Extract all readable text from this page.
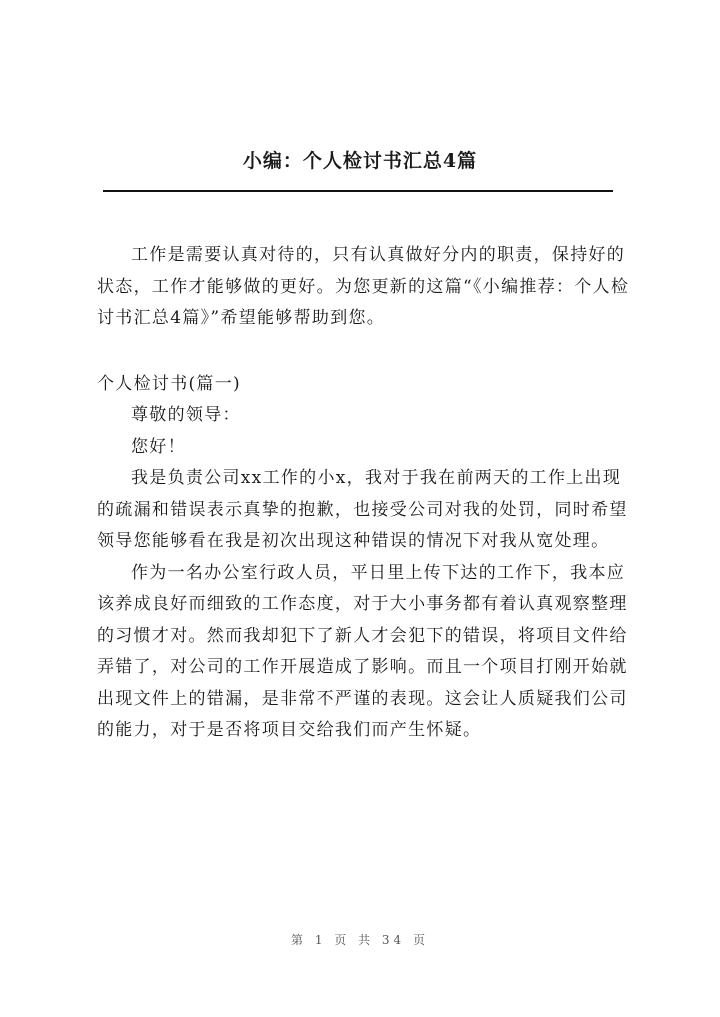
小编：个人检讨书汇总4篇

工作是需要认真对待的，只有认真做好分内的职责，保持好的状态，工作才能够做的更好。为您更新的这篇“《小编推荐：个人检讨书汇总4篇》”希望能够帮助到您。

个人检讨书(篇一)

尊敬的领导：

您好！

我是负责公司xx工作的小x，我对于我在前两天的工作上出现的疏漏和错误表示真挚的抱歉，也接受公司对我的处罚，同时希望领导您能够看在我是初次出现这种错误的情况下对我从宽处理。

作为一名办公室行政人员，平日里上传下达的工作下，我本应该养成良好而细致的工作态度，对于大小事务都有着认真观察整理的习惯才对。然而我却犯下了新人才会犯下的错误，将项目文件给弄错了，对公司的工作开展造成了影响。而且一个项目打刚开始就出现文件上的错漏，是非常不严谨的表现。这会让人质疑我们公司的能力，对于是否将项目交给我们而产生怀疑。

第 1 页 共 34 页
